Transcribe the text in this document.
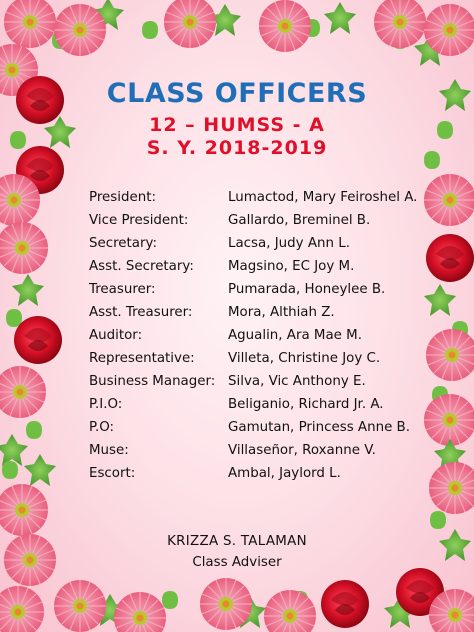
CLASS OFFICERS
12 – HUMSS - A
S. Y. 2018-2019
President:	Lumactod, Mary Feiroshel A.
Vice President:	Gallardo, Breminel B.
Secretary:	Lacsa, Judy Ann L.
Asst. Secretary:	Magsino, EC Joy M.
Treasurer:	Pumarada, Honeylee B.
Asst. Treasurer:	Mora, Althiah Z.
Auditor:	Agualin, Ara Mae M.
Representative:	Villeta, Christine Joy C.
Business Manager: Silva, Vic Anthony E.
P.I.O:	Beliganio, Richard Jr. A.
P.O:	Gamutan, Princess Anne B.
Muse:	Villaseñor, Roxanne V.
Escort:	Ambal, Jaylord L.
KRIZZA S. TALAMAN
Class Adviser
